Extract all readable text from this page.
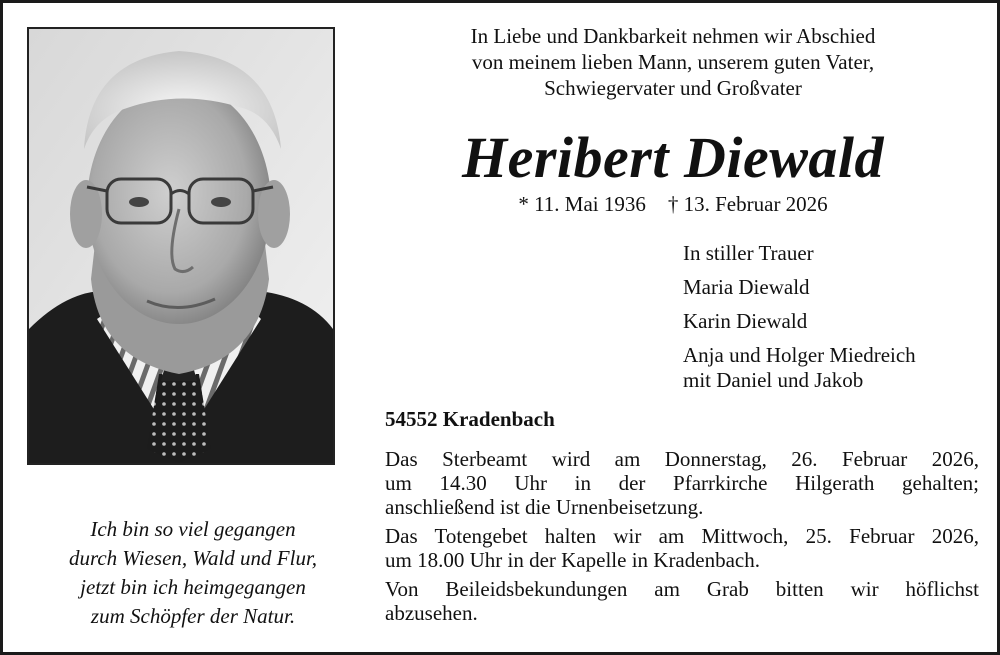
In Liebe und Dankbarkeit nehmen wir Abschied
von meinem lieben Mann, unserem guten Vater,
Schwiegervater und Großvater
Heribert Diewald
* 11. Mai 1936 † 13. Februar 2026
In stiller Trauer
Maria Diewald
Karin Diewald
Anja und Holger Miedreich
mit Daniel und Jakob
54552 Kradenbach

Das Sterbeamt wird am Donnerstag, 26. Februar 2026,
um 14.30 Uhr in der Pfarrkirche Hilgerath gehalten;
anschließend ist die Urnenbeisetzung.

Das Totengebet halten wir am Mittwoch, 25. Februar 2026,
um 18.00 Uhr in der Kapelle in Kradenbach.

Von Beileidsbekundungen am Grab bitten wir höflichst
abzusehen.

Ich bin so viel gegangen
durch Wiesen, Wald und Flur,
jetzt bin ich heimgegangen
zum Schöpfer der Natur.
